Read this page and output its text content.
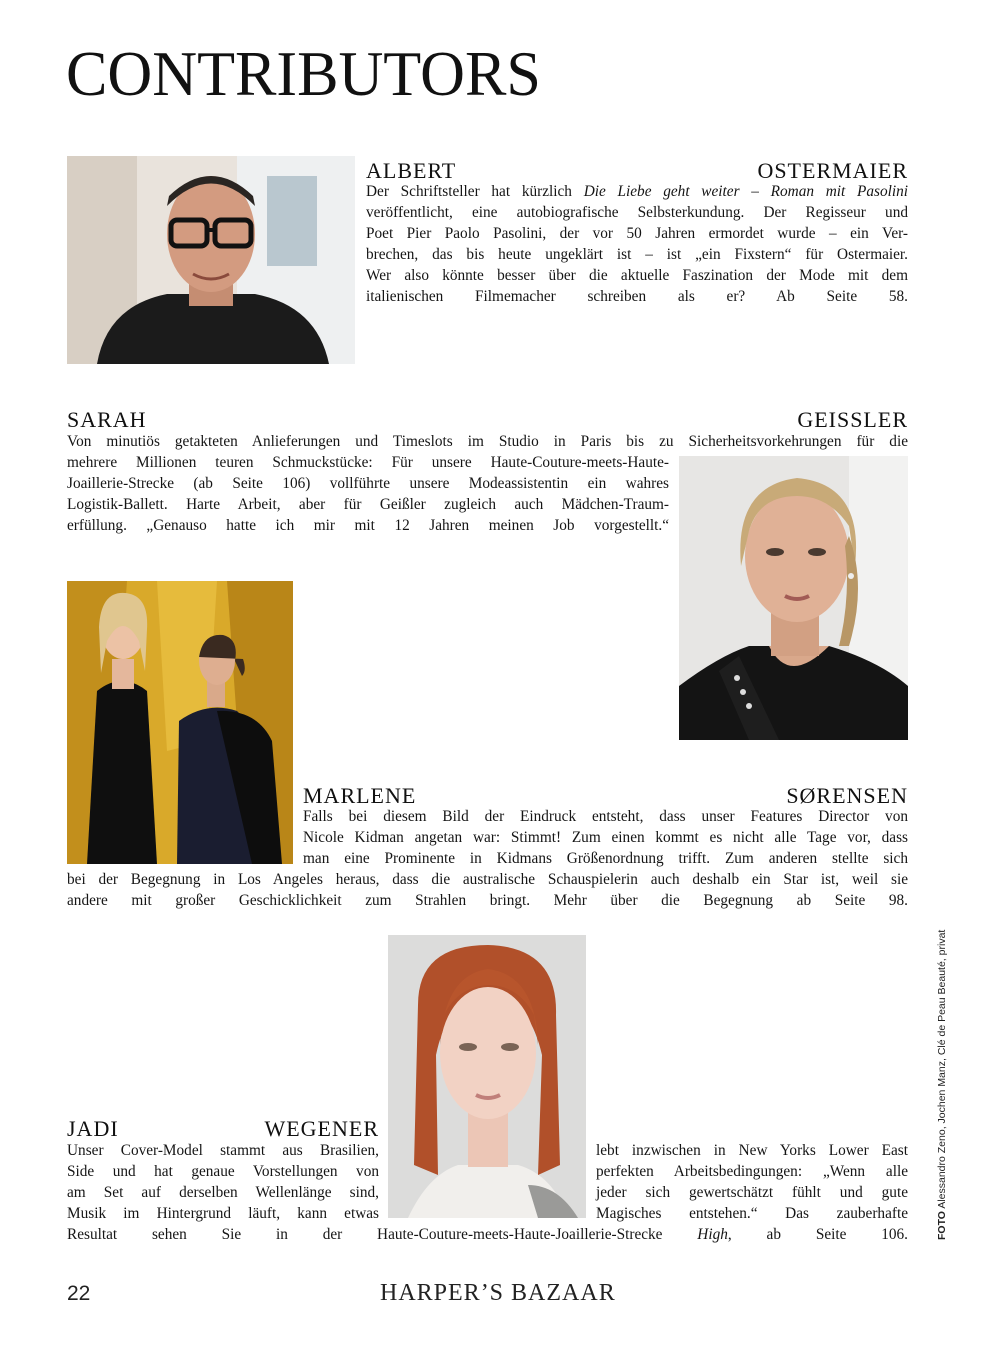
CONTRIBUTORS
ALBERT	OSTERMAIER
Der Schriftsteller hat kürzlich Die Liebe geht weiter – Roman mit Pasolini
veröffentlicht, eine autobiografische Selbsterkundung. Der Regisseur und
Poet Pier Paolo Pasolini, der vor 50 Jahren ermordet wurde – ein Ver-
brechen, das bis heute ungeklärt ist – ist „ein Fixstern“ für Ostermaier.
Wer also könnte besser über die aktuelle Faszination der Mode mit dem
italienischen Filmemacher schreiben als er? Ab Seite 58.
SARAH	GEISSLER
Von minutiös getakteten Anlieferungen und Timeslots im Studio in Paris bis zu Sicherheitsvorkehrungen für die
mehrere Millionen teuren Schmuckstücke: Für unsere Haute-Couture-meets-Haute-
Joaillerie-Strecke (ab Seite 106) vollführte unsere Modeassistentin ein wahres
Logistik-Ballett. Harte Arbeit, aber für Geißler zugleich auch Mädchen-Traum-
erfüllung. „Genauso hatte ich mir mit 12 Jahren meinen Job vorgestellt.“
MARLENE	SØRENSEN
Falls bei diesem Bild der Eindruck entsteht, dass unser Features Director von
Nicole Kidman angetan war: Stimmt! Zum einen kommt es nicht alle Tage vor, dass
man eine Prominente in Kidmans Größenordnung trifft. Zum anderen stellte sich
bei der Begegnung in Los Angeles heraus, dass die australische Schauspielerin auch deshalb ein Star ist, weil sie
andere mit großer Geschicklichkeit zum Strahlen bringt. Mehr über die Begegnung ab Seite 98.
JADI	WEGENER
Unser Cover-Model stammt aus Brasilien,
Side und hat genaue Vorstellungen von
am Set auf derselben Wellenlänge sind,
Musik im Hintergrund läuft, kann etwas
lebt inzwischen in New Yorks Lower East
perfekten Arbeitsbedingungen: „Wenn alle
jeder sich gewertschätzt fühlt und gute
Magisches entstehen.“ Das zauberhafte
Resultat sehen Sie in der Haute-Couture-meets-Haute-Joaillerie-Strecke High, ab Seite 106.	FOTO Alessandro Zeno, Jochen Manz, Clé de Peau Beauté, privat
22	HARPER’S BAZAAR
